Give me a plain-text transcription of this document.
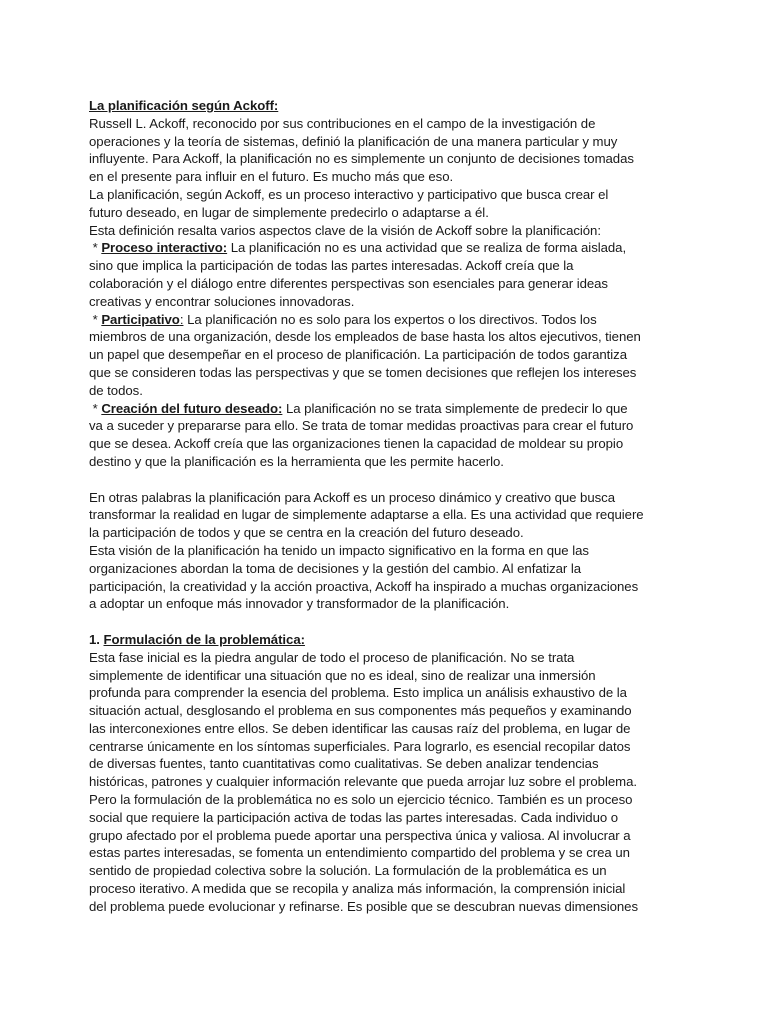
La planificación según Ackoff:
Russell L. Ackoff, reconocido por sus contribuciones en el campo de la investigación de
operaciones y la teoría de sistemas, definió la planificación de una manera particular y muy
influyente. Para Ackoff, la planificación no es simplemente un conjunto de decisiones tomadas
en el presente para influir en el futuro. Es mucho más que eso.
La planificación, según Ackoff, es un proceso interactivo y participativo que busca crear el
futuro deseado, en lugar de simplemente predecirlo o adaptarse a él.
Esta definición resalta varios aspectos clave de la visión de Ackoff sobre la planificación:
* Proceso interactivo: La planificación no es una actividad que se realiza de forma aislada,
sino que implica la participación de todas las partes interesadas. Ackoff creía que la
colaboración y el diálogo entre diferentes perspectivas son esenciales para generar ideas
creativas y encontrar soluciones innovadoras.
* Participativo: La planificación no es solo para los expertos o los directivos. Todos los
miembros de una organización, desde los empleados de base hasta los altos ejecutivos, tienen
un papel que desempeñar en el proceso de planificación. La participación de todos garantiza
que se consideren todas las perspectivas y que se tomen decisiones que reflejen los intereses
de todos.
* Creación del futuro deseado: La planificación no se trata simplemente de predecir lo que
va a suceder y prepararse para ello. Se trata de tomar medidas proactivas para crear el futuro
que se desea. Ackoff creía que las organizaciones tienen la capacidad de moldear su propio
destino y que la planificación es la herramienta que les permite hacerlo.
En otras palabras la planificación para Ackoff es un proceso dinámico y creativo que busca
transformar la realidad en lugar de simplemente adaptarse a ella. Es una actividad que requiere
la participación de todos y que se centra en la creación del futuro deseado.
Esta visión de la planificación ha tenido un impacto significativo en la forma en que las
organizaciones abordan la toma de decisiones y la gestión del cambio. Al enfatizar la
participación, la creatividad y la acción proactiva, Ackoff ha inspirado a muchas organizaciones
a adoptar un enfoque más innovador y transformador de la planificación.
1. Formulación de la problemática:
Esta fase inicial es la piedra angular de todo el proceso de planificación. No se trata
simplemente de identificar una situación que no es ideal, sino de realizar una inmersión
profunda para comprender la esencia del problema. Esto implica un análisis exhaustivo de la
situación actual, desglosando el problema en sus componentes más pequeños y examinando
las interconexiones entre ellos. Se deben identificar las causas raíz del problema, en lugar de
centrarse únicamente en los síntomas superficiales. Para lograrlo, es esencial recopilar datos
de diversas fuentes, tanto cuantitativas como cualitativas. Se deben analizar tendencias
históricas, patrones y cualquier información relevante que pueda arrojar luz sobre el problema.
Pero la formulación de la problemática no es solo un ejercicio técnico. También es un proceso
social que requiere la participación activa de todas las partes interesadas. Cada individuo o
grupo afectado por el problema puede aportar una perspectiva única y valiosa. Al involucrar a
estas partes interesadas, se fomenta un entendimiento compartido del problema y se crea un
sentido de propiedad colectiva sobre la solución. La formulación de la problemática es un
proceso iterativo. A medida que se recopila y analiza más información, la comprensión inicial
del problema puede evolucionar y refinarse. Es posible que se descubran nuevas dimensiones
